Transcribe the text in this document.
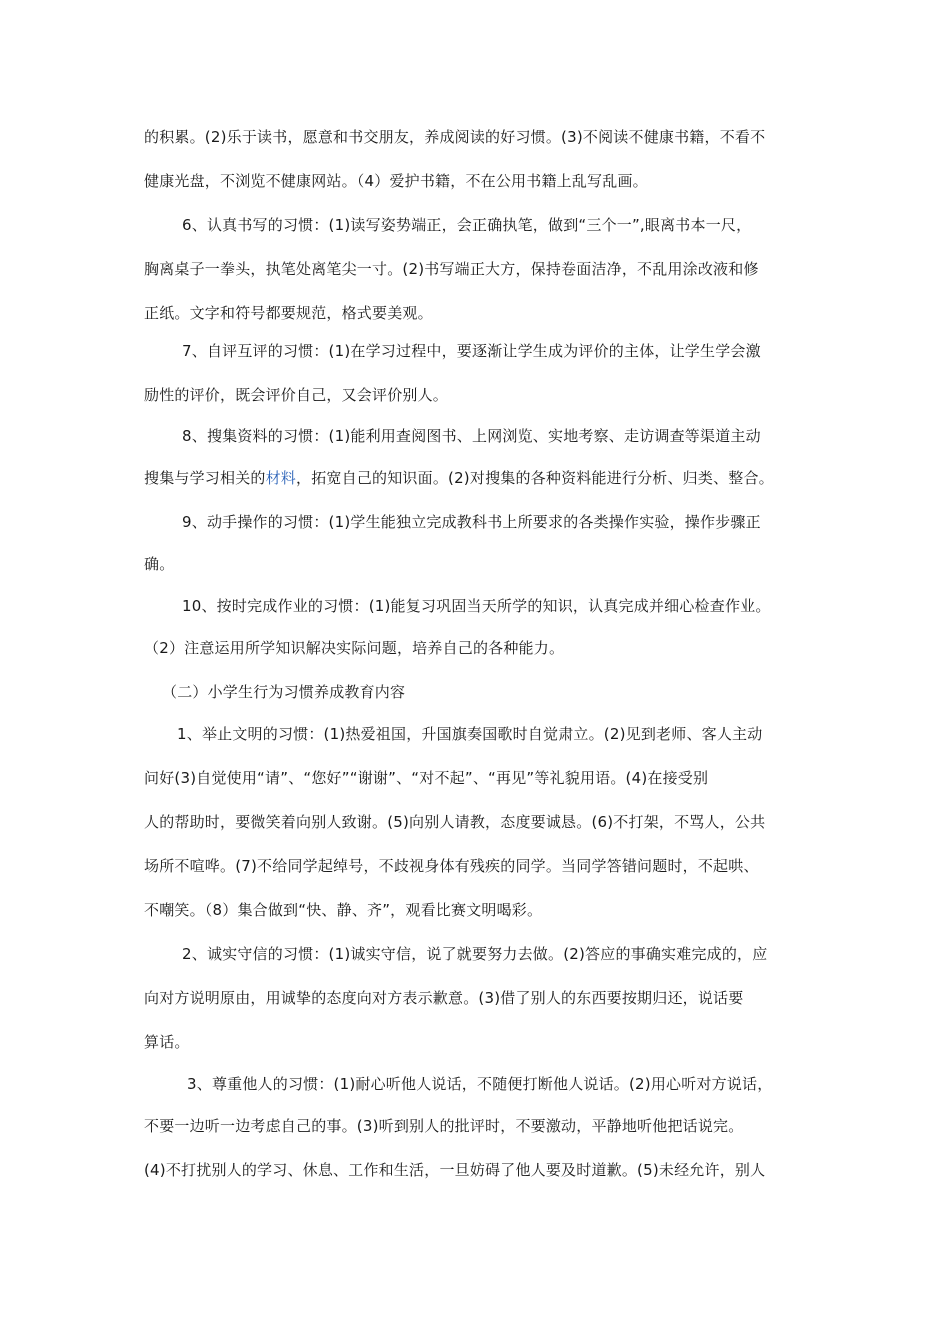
的积累。(2)乐于读书，愿意和书交朋友，养成阅读的好习惯。(3)不阅读不健康书籍，不看不
健康光盘，不浏览不健康网站。（4）爱护书籍，不在公用书籍上乱写乱画。
6、认真书写的习惯：(1)读写姿势端正，会正确执笔，做到“三个一”,眼离书本一尺，
胸离桌子一拳头，执笔处离笔尖一寸。(2)书写端正大方，保持卷面洁净，不乱用涂改液和修
正纸。文字和符号都要规范，格式要美观。
7、自评互评的习惯：(1)在学习过程中，要逐渐让学生成为评价的主体，让学生学会激
励性的评价，既会评价自己，又会评价别人。
8、搜集资料的习惯：(1)能利用查阅图书、上网浏览、实地考察、走访调查等渠道主动
搜集与学习相关的材料，拓宽自己的知识面。(2)对搜集的各种资料能进行分析、归类、整合。
9、动手操作的习惯：(1)学生能独立完成教科书上所要求的各类操作实验，操作步骤正
确。
10、按时完成作业的习惯：(1)能复习巩固当天所学的知识，认真完成并细心检查作业。
（2）注意运用所学知识解决实际问题，培养自己的各种能力。
（二）小学生行为习惯养成教育内容
1、举止文明的习惯：(1)热爱祖国，升国旗奏国歌时自觉肃立。(2)见到老师、客人主动
问好(3)自觉使用“请”、“您好”“谢谢”、“对不起”、“再见”等礼貌用语。(4)在接受别
人的帮助时，要微笑着向别人致谢。(5)向别人请教，态度要诚恳。(6)不打架，不骂人，公共
场所不喧哗。(7)不给同学起绰号，不歧视身体有残疾的同学。当同学答错问题时，不起哄、
不嘲笑。（8）集合做到“快、静、齐”，观看比赛文明喝彩。
2、诚实守信的习惯：(1)诚实守信，说了就要努力去做。(2)答应的事确实难完成的，应
向对方说明原由，用诚挚的态度向对方表示歉意。(3)借了别人的东西要按期归还，说话要
算话。
3、尊重他人的习惯：(1)耐心听他人说话，不随便打断他人说话。(2)用心听对方说话，
不要一边听一边考虑自己的事。(3)听到别人的批评时，不要激动，平静地听他把话说完。
(4)不打扰别人的学习、休息、工作和生活，一旦妨碍了他人要及时道歉。(5)未经允许，别人
